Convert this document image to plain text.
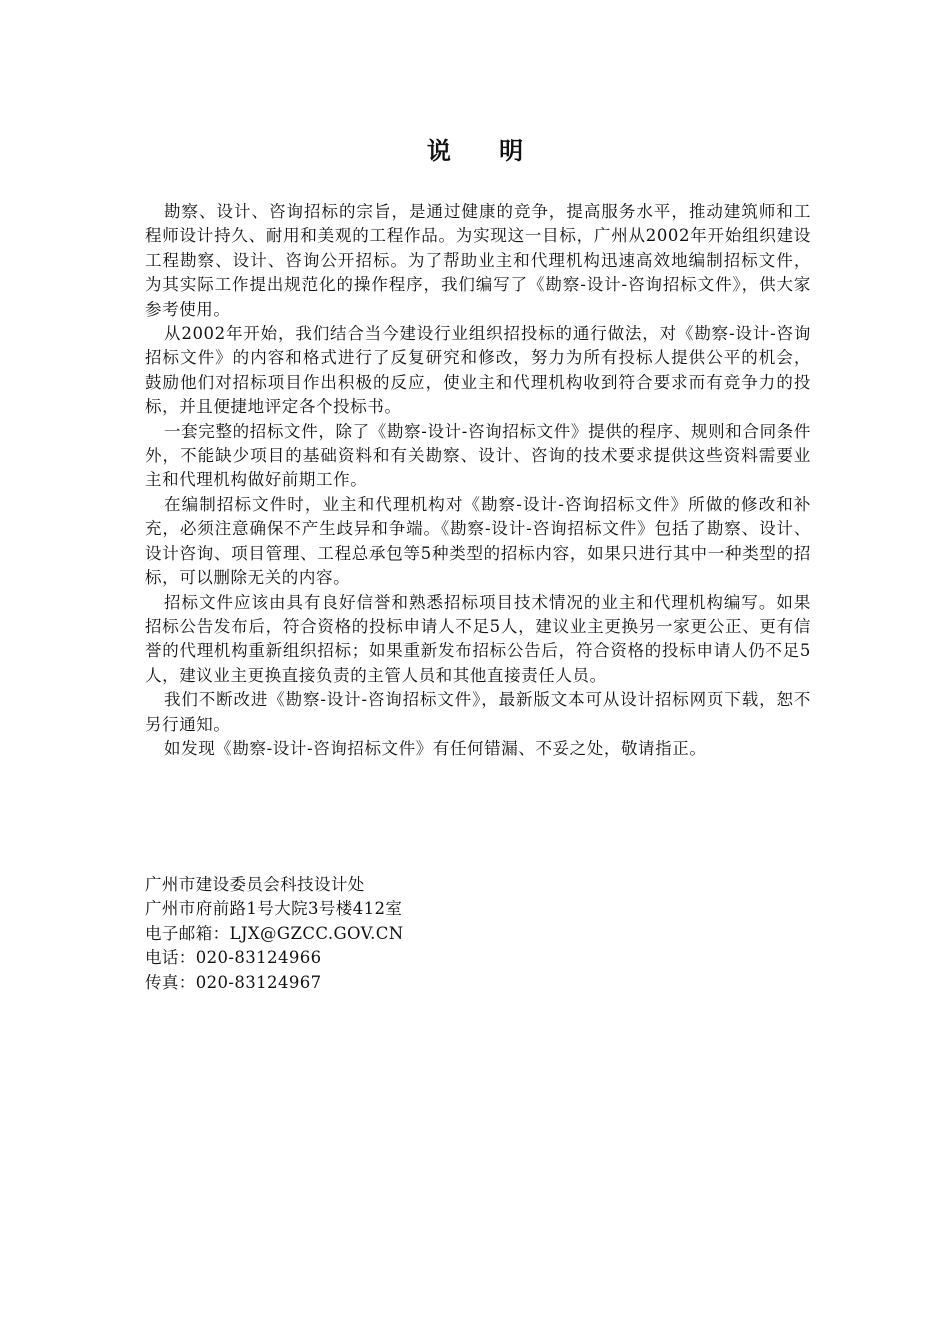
说 明

勘察、设计、咨询招标的宗旨，是通过健康的竞争，提高服务水平，推动建筑师和工程师设计持久、耐用和美观的工程作品。为实现这一目标，广州从2002年开始组织建设工程勘察、设计、咨询公开招标。为了帮助业主和代理机构迅速高效地编制招标文件，为其实际工作提出规范化的操作程序，我们编写了《勘察-设计-咨询招标文件》，供大家参考使用。

从2002年开始，我们结合当今建设行业组织招投标的通行做法，对《勘察-设计-咨询招标文件》的内容和格式进行了反复研究和修改，努力为所有投标人提供公平的机会，鼓励他们对招标项目作出积极的反应，使业主和代理机构收到符合要求而有竞争力的投标，并且便捷地评定各个投标书。

一套完整的招标文件，除了《勘察-设计-咨询招标文件》提供的程序、规则和合同条件外，不能缺少项目的基础资料和有关勘察、设计、咨询的技术要求提供这些资料需要业主和代理机构做好前期工作。

在编制招标文件时，业主和代理机构对《勘察-设计-咨询招标文件》所做的修改和补充，必须注意确保不产生歧异和争端。《勘察-设计-咨询招标文件》包括了勘察、设计、设计咨询、项目管理、工程总承包等5种类型的招标内容，如果只进行其中一种类型的招标，可以删除无关的内容。

招标文件应该由具有良好信誉和熟悉招标项目技术情况的业主和代理机构编写。如果招标公告发布后，符合资格的投标申请人不足5人，建议业主更换另一家更公正、更有信誉的代理机构重新组织招标；如果重新发布招标公告后，符合资格的投标申请人仍不足5人，建议业主更换直接负责的主管人员和其他直接责任人员。

我们不断改进《勘察-设计-咨询招标文件》，最新版文本可从设计招标网页下载，恕不另行通知。

如发现《勘察-设计-咨询招标文件》有任何错漏、不妥之处，敬请指正。

广州市建设委员会科技设计处
广州市府前路1号大院3号楼412室
电子邮箱：LJX@GZCC.GOV.CN
电话：020-83124966
传真：020-83124967
